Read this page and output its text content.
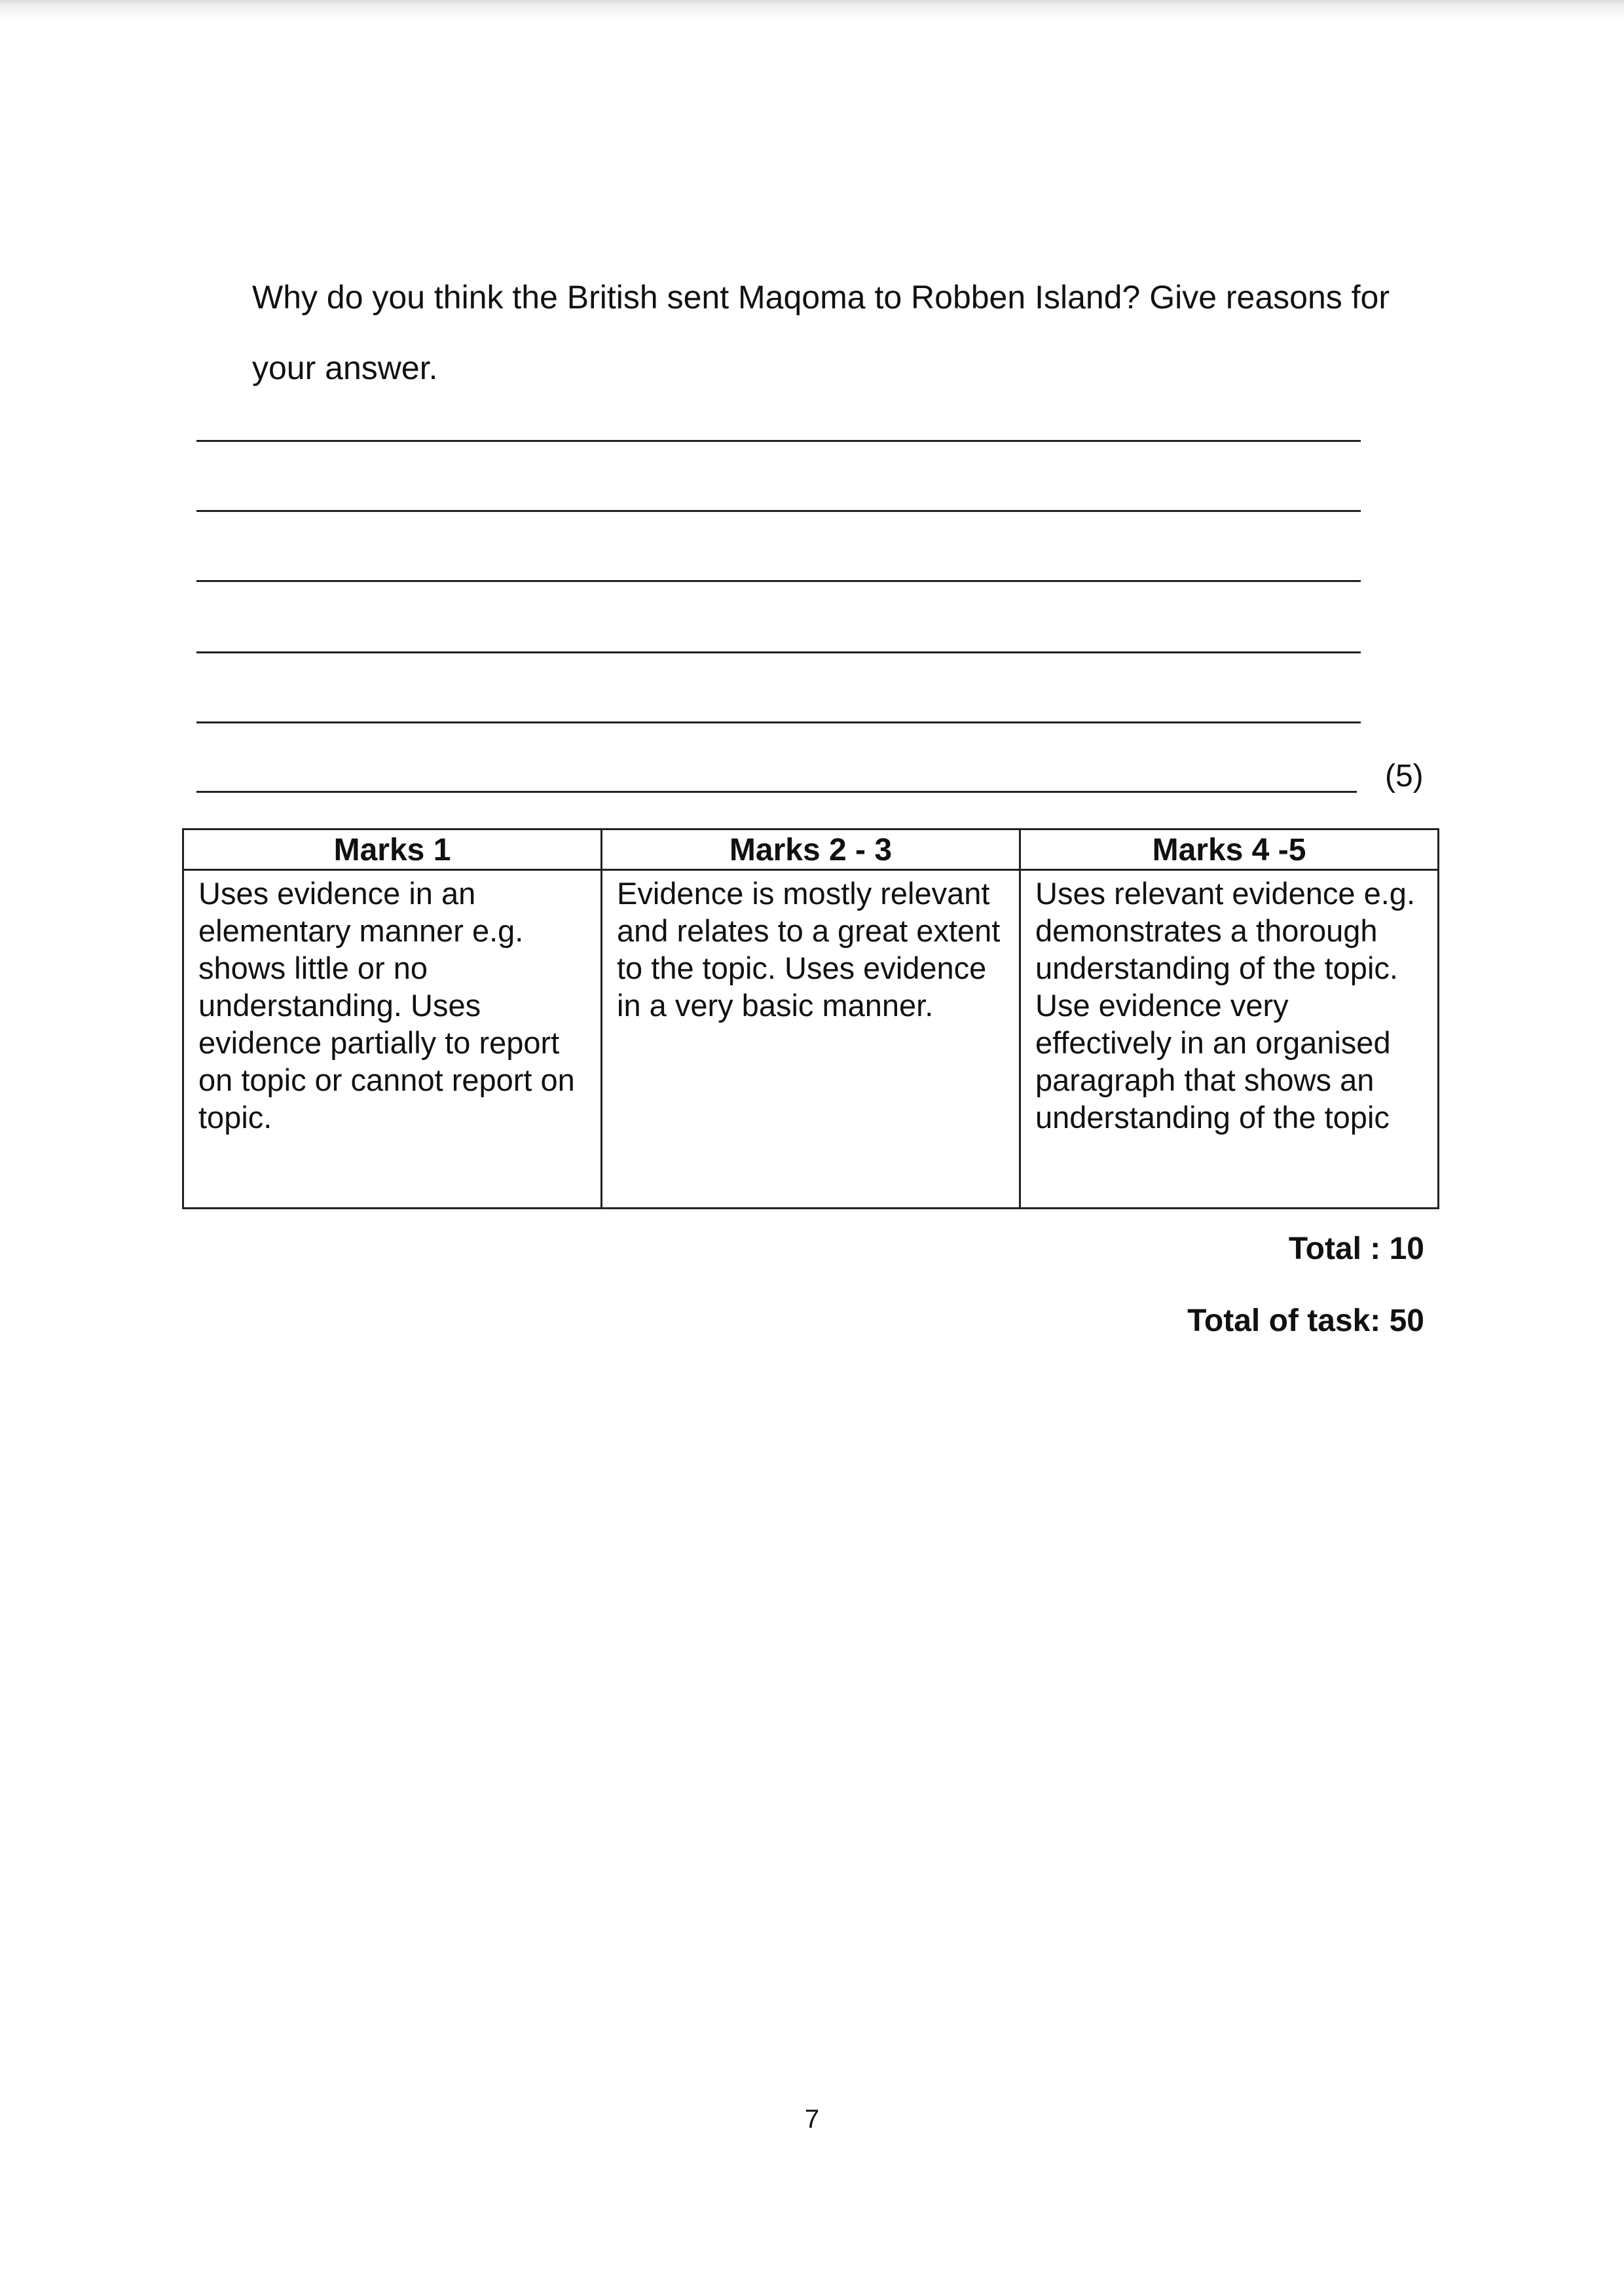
Why do you think the British sent Maqoma to Robben Island? Give reasons for
your answer.
(5)
Marks 1	Marks 2 - 3	Marks 4 -5
Uses evidence in an elementary manner e.g. shows little or no understanding. Uses evidence partially to report on topic or cannot report on topic.	Evidence is mostly relevant and relates to a great extent to the topic. Uses evidence in a very basic manner.	Uses relevant evidence e.g. demonstrates a thorough understanding of the topic. Use evidence very effectively in an organised paragraph that shows an understanding of the topic
Total : 10
Total of task: 50
7
